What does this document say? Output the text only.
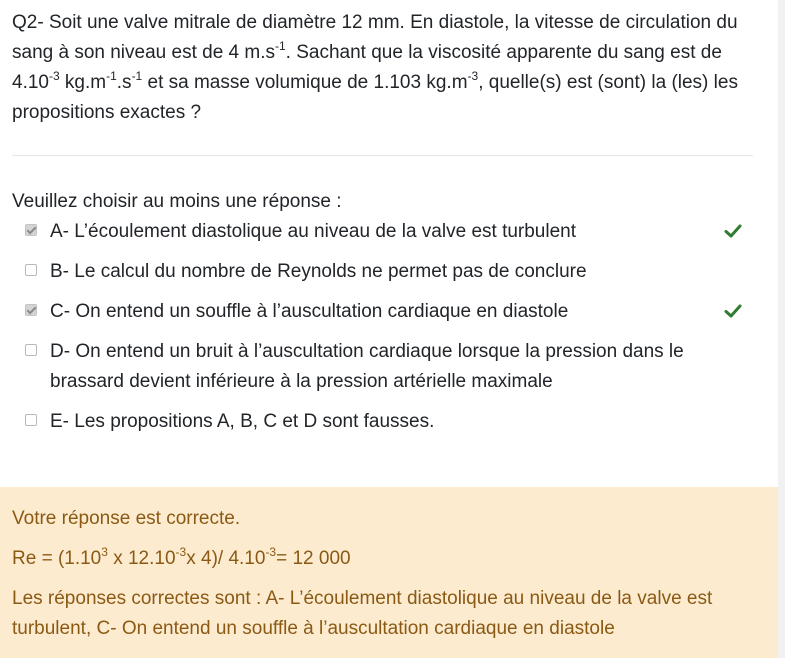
Q2- Soit une valve mitrale de diamètre 12 mm. En diastole, la vitesse de circulation du sang à son niveau est de 4 $m.s^{-1}$. Sachant que la viscosité apparente du sang est de $4.10^{-3}$ $kg.m^{-1}.s^{-1}$ et sa masse volumique de 1.103 $kg.m^{-3}$, quelle(s) est (sont) la (les) les propositions exactes ?
Veuillez choisir au moins une réponse :
A- L’écoulement diastolique au niveau de la valve est turbulent
B- Le calcul du nombre de Reynolds ne permet pas de conclure
C- On entend un souffle à l’auscultation cardiaque en diastole
D- On entend un bruit à l’auscultation cardiaque lorsque la pression dans le brassard devient inférieure à la pression artérielle maximale
E- Les propositions A, B, C et D sont fausses.
Votre réponse est correcte.
$Re = (1.10^3$ x $12.10^{-3}x$ 4)/ $4.10^{-3}= 12$ 000
Les réponses correctes sont : A- L’écoulement diastolique au niveau de la valve est turbulent, C- On entend un souffle à l’auscultation cardiaque en diastole
